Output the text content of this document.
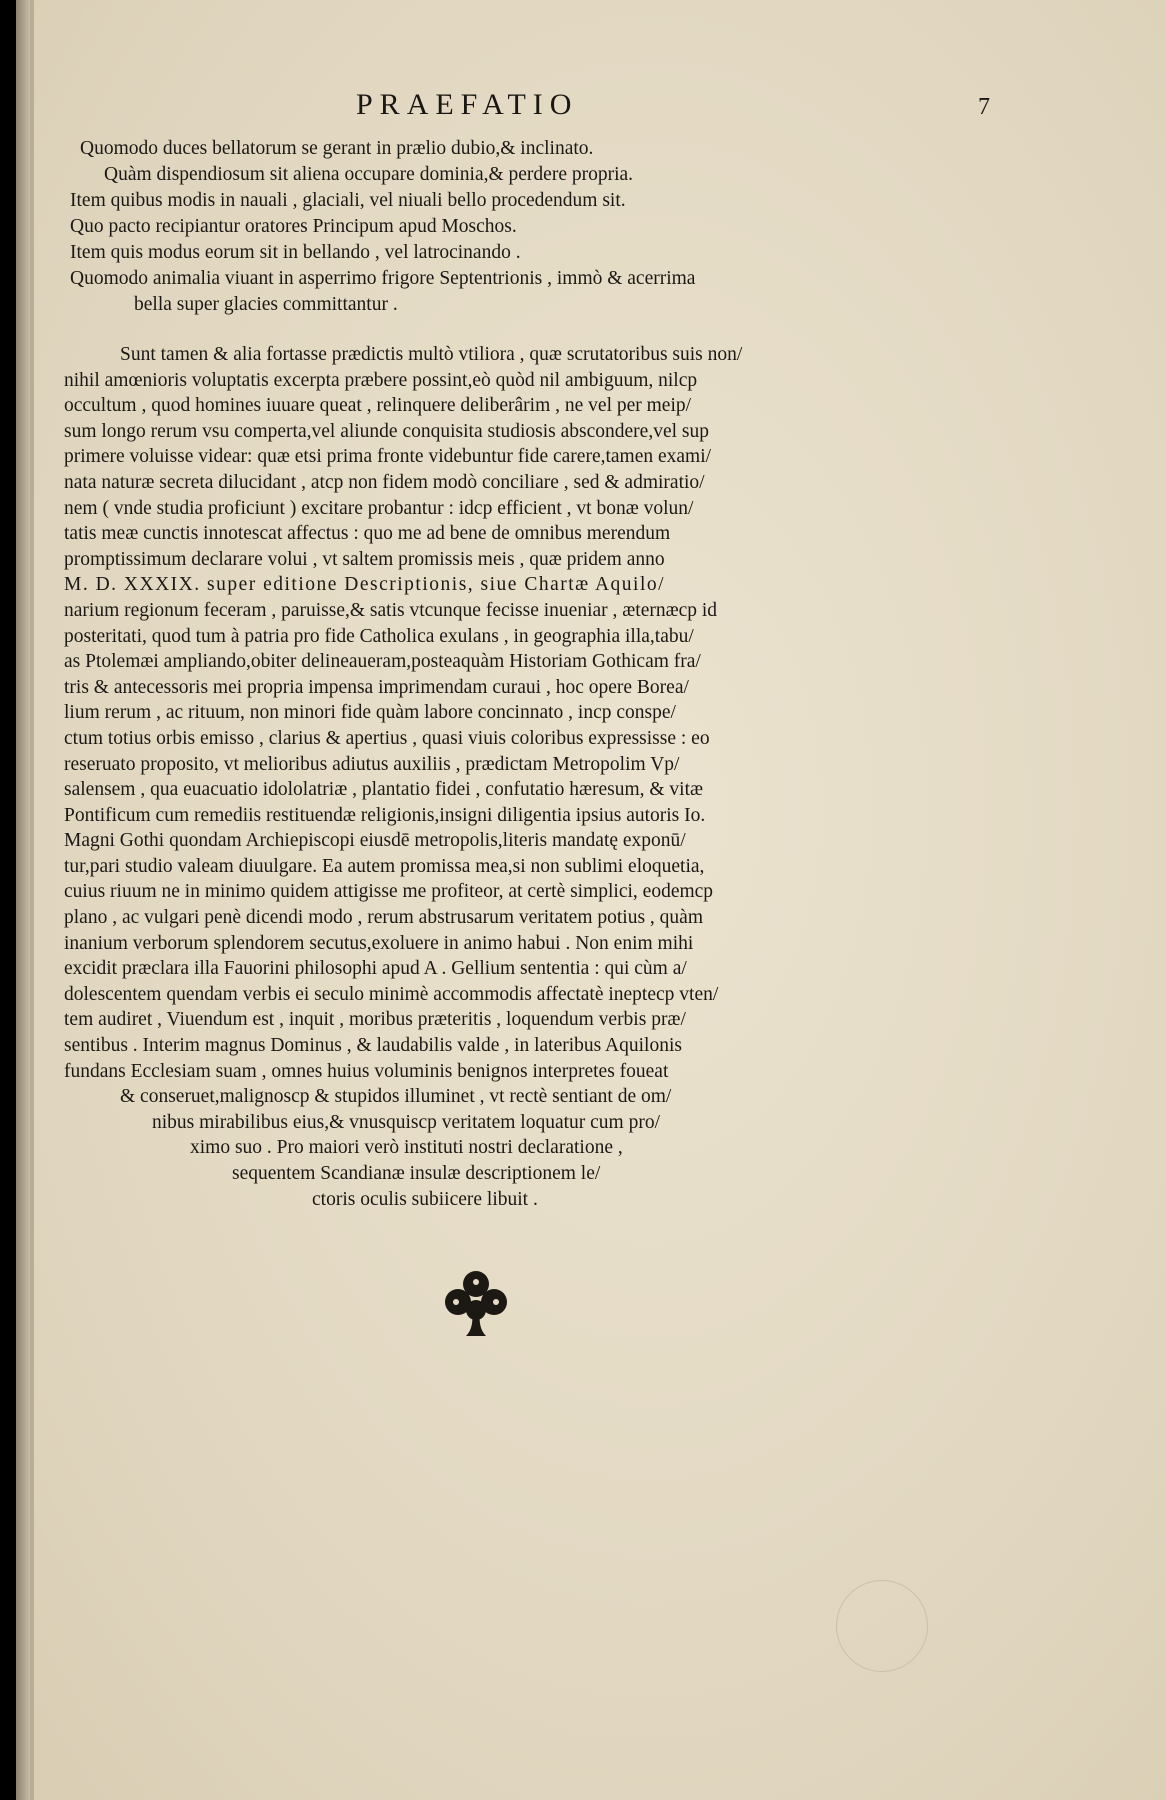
PRAEFATIO	7
Quomodo duces bellatorum se gerant in prælio dubio,& inclinato.
Quàm dispendiosum sit aliena occupare dominia,& perdere propria.
Item quibus modis in nauali , glaciali, vel niuali bello procedendum sit.
Quo pacto recipiantur oratores Principum apud Moschos.
Item quis modus eorum sit in bellando , vel latrocinando .
Quomodo animalia viuant in asperrimo frigore Septentrionis , immò & acerrima
bella super glacies committantur .
Sunt tamen & alia fortasse prædictis multò vtiliora , quæ scrutatoribus suis non/
nihil amœnioris voluptatis excerpta præbere possint,eò quòd nil ambiguum, nilcp
occultum , quod homines iuuare queat , relinquere deliberârim , ne vel per meip/
sum longo rerum vsu comperta,vel aliunde conquisita studiosis abscondere,vel sup
primere voluisse videar: quæ etsi prima fronte videbuntur fide carere,tamen exami/
nata naturæ secreta dilucidant , atcp non fidem modò conciliare , sed & admiratio/
nem ( vnde studia proficiunt ) excitare probantur : idcp efficient , vt bonæ volun/
tatis meæ cunctis innotescat affectus : quo me ad bene de omnibus merendum
promptissimum declarare volui , vt saltem promissis meis , quæ pridem anno
M. D. XXXIX. super editione Descriptionis, siue Chartæ Aquilo/
narium regionum feceram , paruisse,& satis vtcunque fecisse inueniar , æternæcp id
posteritati, quod tum à patria pro fide Catholica exulans , in geographia illa,tabu/
as Ptolemæi ampliando,obiter delineaueram,posteaquàm Historiam Gothicam fra/
tris & antecessoris mei propria impensa imprimendam curaui , hoc opere Borea/
lium rerum , ac rituum, non minori fide quàm labore concinnato , incp conspe/
ctum totius orbis emisso , clarius & apertius , quasi viuis coloribus expressisse : eo
reseruato proposito, vt melioribus adiutus auxiliis , prædictam Metropolim Vp/
salensem , qua euacuatio idololatriæ , plantatio fidei , confutatio hæresum, & vitæ
Pontificum cum remediis restituendæ religionis,insigni diligentia ipsius autoris Io.
Magni Gothi quondam Archiepiscopi eiusdē metropolis,literis mandatę exponū/
tur,pari studio valeam diuulgare. Ea autem promissa mea,si non sublimi eloquetia,
cuius riuum ne in minimo quidem attigisse me profiteor, at certè simplici, eodemcp
plano , ac vulgari penè dicendi modo , rerum abstrusarum veritatem potius , quàm
inanium verborum splendorem secutus,exoluere in animo habui . Non enim mihi
excidit præclara illa Fauorini philosophi apud A . Gellium sententia : qui cùm a/
dolescentem quendam verbis ei seculo minimè accommodis affectatè ineptecp vten/
tem audiret , Viuendum est , inquit , moribus præteritis , loquendum verbis præ/
sentibus . Interim magnus Dominus , & laudabilis valde , in lateribus Aquilonis
fundans Ecclesiam suam , omnes huius voluminis benignos interpretes foueat
& conseruet,malignoscp & stupidos illuminet , vt rectè sentiant de om/
nibus mirabilibus eius,& vnusquiscp veritatem loquatur cum pro/
ximo suo . Pro maiori verò instituti nostri declaratione ,
sequentem Scandianæ insulæ descriptionem le/
ctoris oculis subiicere libuit .
